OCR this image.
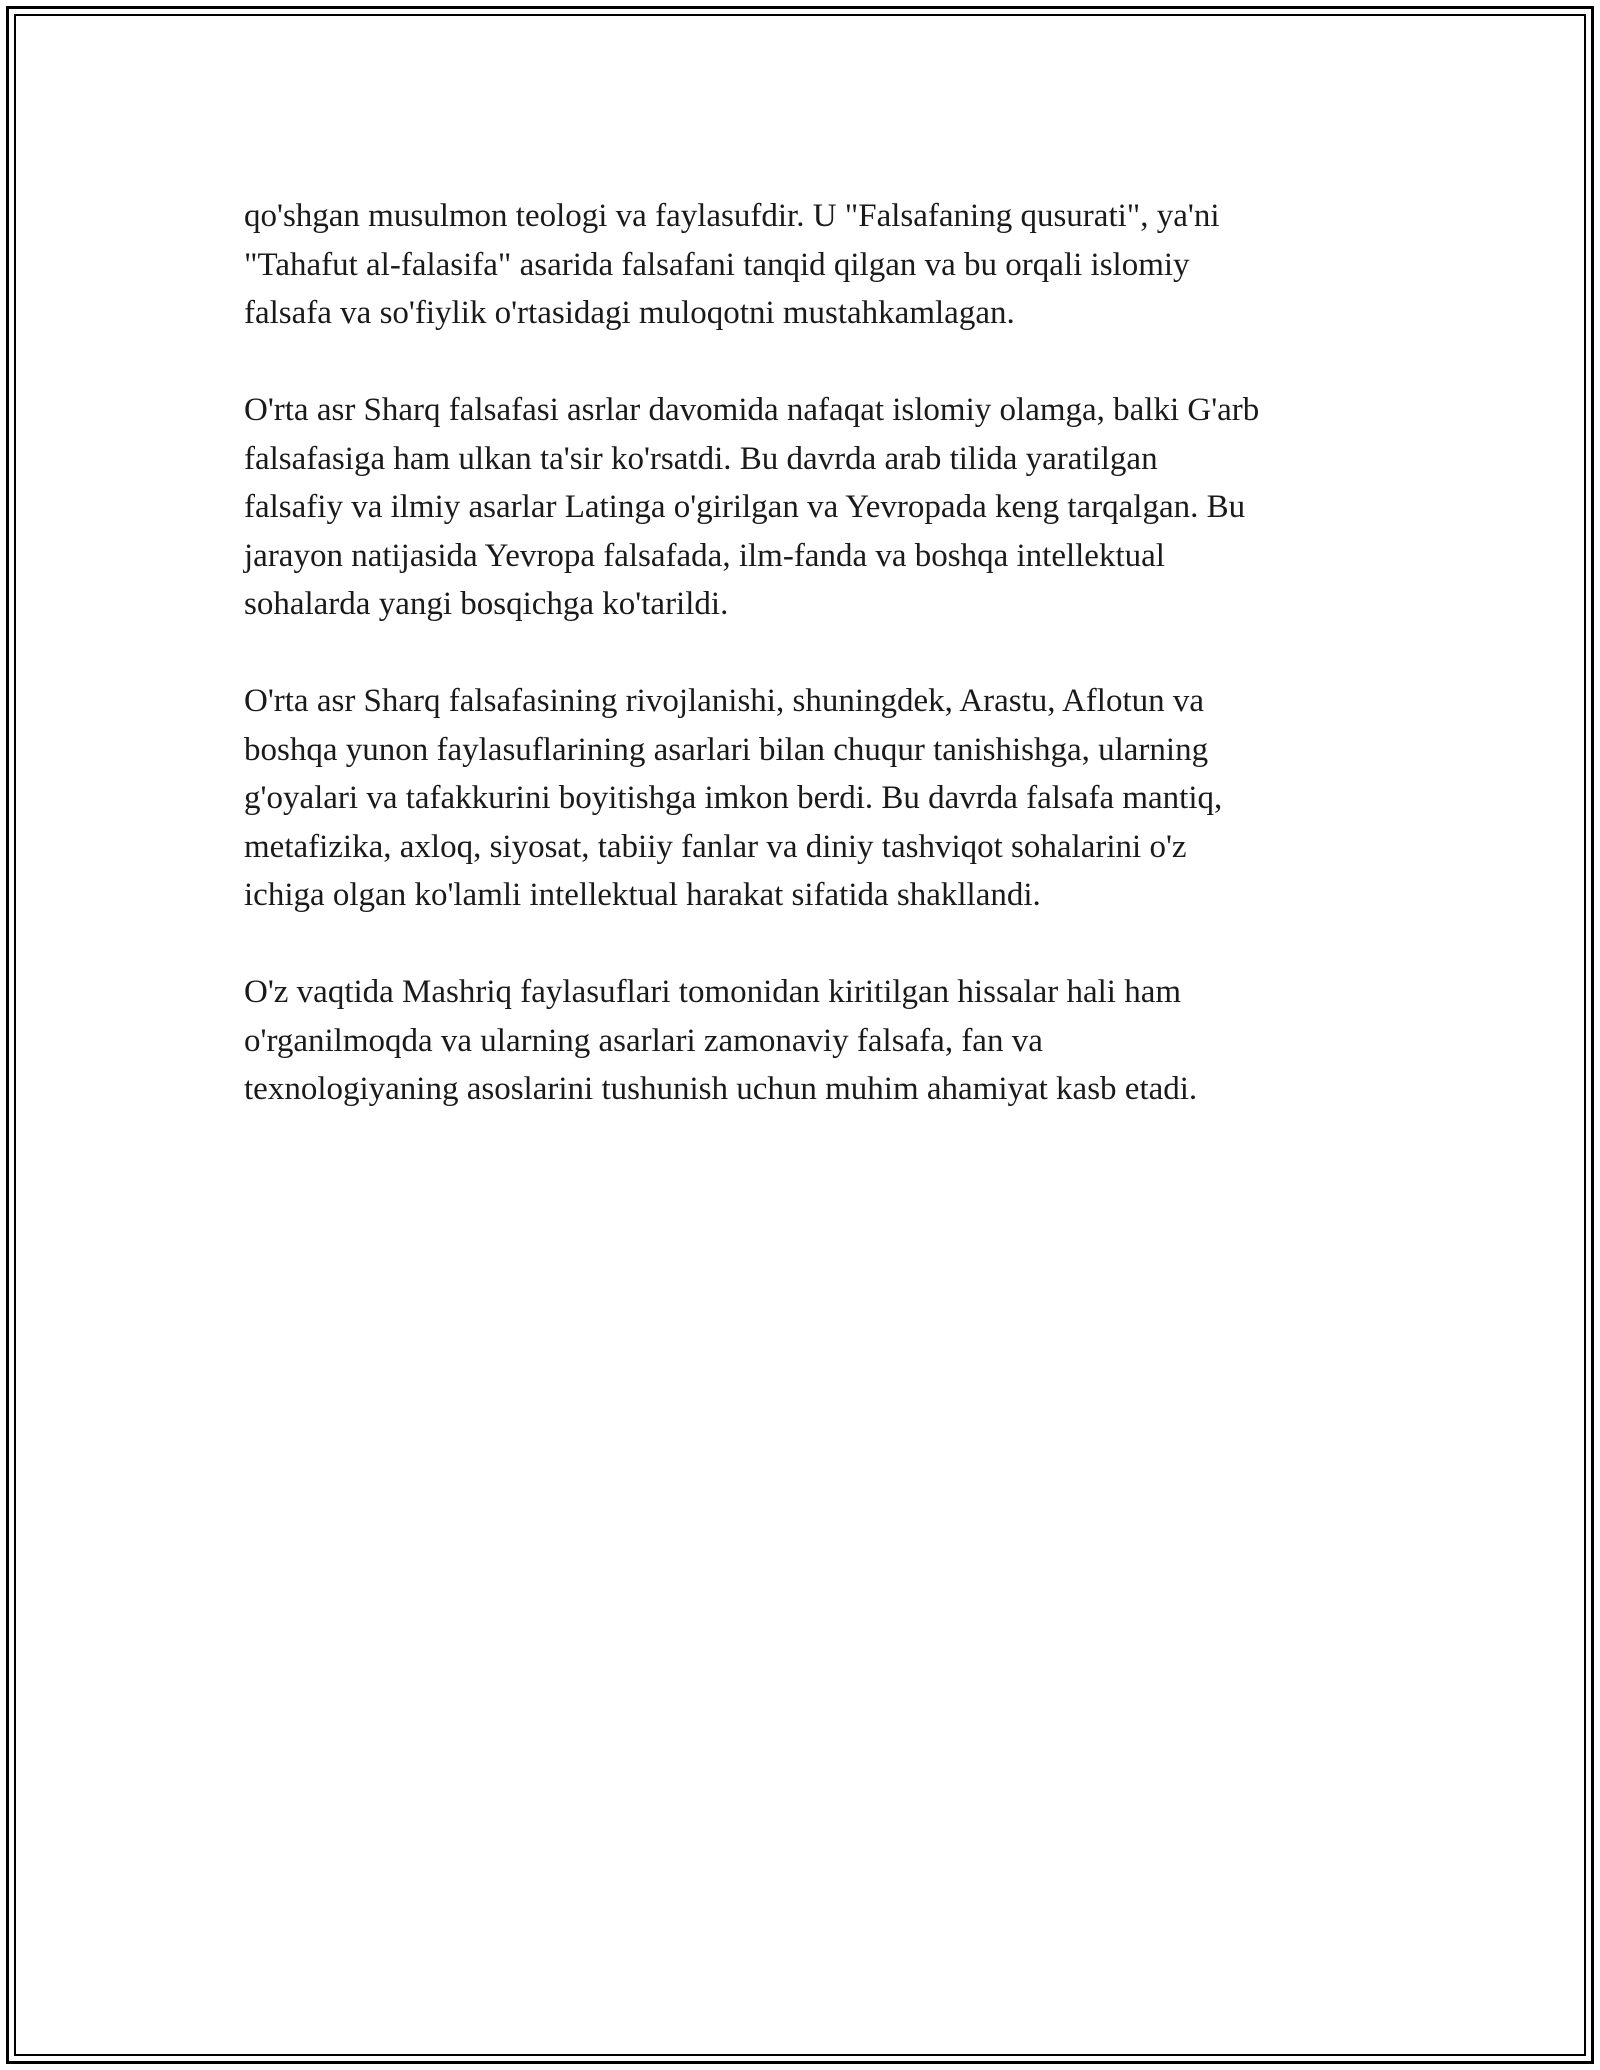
qo'shgan musulmon teologi va faylasufdir. U "Falsafaning qusurati", ya'ni
"Tahafut al-falasifa" asarida falsafani tanqid qilgan va bu orqali islomiy
falsafa va so'fiylik o'rtasidagi muloqotni mustahkamlagan.

O'rta asr Sharq falsafasi asrlar davomida nafaqat islomiy olamga, balki G'arb
falsafasiga ham ulkan ta'sir ko'rsatdi. Bu davrda arab tilida yaratilgan
falsafiy va ilmiy asarlar Latinga o'girilgan va Yevropada keng tarqalgan. Bu
jarayon natijasida Yevropa falsafada, ilm-fanda va boshqa intellektual
sohalarda yangi bosqichga ko'tarildi.

O'rta asr Sharq falsafasining rivojlanishi, shuningdek, Arastu, Aflotun va
boshqa yunon faylasuflarining asarlari bilan chuqur tanishishga, ularning
g'oyalari va tafakkurini boyitishga imkon berdi. Bu davrda falsafa mantiq,
metafizika, axloq, siyosat, tabiiy fanlar va diniy tashviqot sohalarini o'z
ichiga olgan ko'lamli intellektual harakat sifatida shakllandi.

O'z vaqtida Mashriq faylasuflari tomonidan kiritilgan hissalar hali ham
o'rganilmoqda va ularning asarlari zamonaviy falsafa, fan va
texnologiyaning asoslarini tushunish uchun muhim ahamiyat kasb etadi.
